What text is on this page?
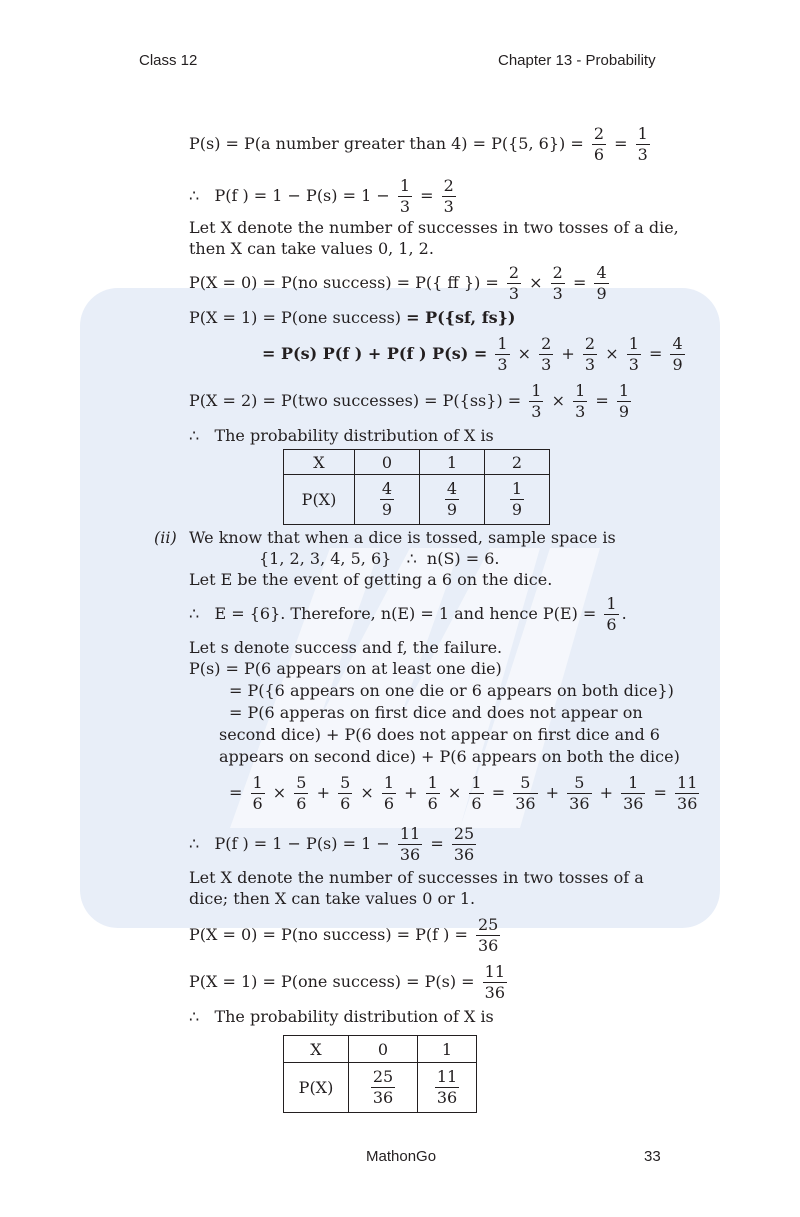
Class 12	Chapter 13 - Probability
P(s) = P(a number greater than 4) = P({5, $6\}) = \frac{2}{6} = \frac{1}{3}$
∴ P(f ) = $1 - P(s) = 1 - \frac{1}{3} = \frac{2}{3}$
Let X denote the number of successes in two tosses of a die,
then X can take values 0, 1, 2.
P(X = 0) = P(no success) = P({ ff }) = $\frac{2}{3} \times \frac{2}{3} = \frac{4}{9}$
P(X = 1) = P(one success) = P({sf, fs})
= P(s) P(f ) + P(f ) $P(s) = \frac{1}{3} \times \frac{2}{3} + \frac{2}{3} \times \frac{1}{3} = \frac{4}{9}$
P(X = 2) = P(two successes) = $P(\{ss\}) = \frac{1}{3} \times \frac{1}{3} = \frac{1}{9}$
∴ The probability distribution of X is
X	0	1	2
P(X)	$\frac{4}{9}$	$\frac{4}{9}$	$\frac{1}{9}$
(ii) We know that when a dice is tossed, sample space is
{1, 2, 3, 4, 5, 6} ∴ n(S) = 6.
Let E be the event of getting a 6 on the dice.
∴ E = {6}. Therefore, n(E) = 1 and hence $P(E) = \frac{1}{6}$ .
Let s denote success and f, the failure.
P(s) = P(6 appears on at least one die)
= P({6 appears on one die or 6 appears on both dice})
= P(6 apperas on first dice and does not appear on
second dice) + P(6 does not appear on first dice and 6
appears on second dice) + P(6 appears on both the dice)
= $\frac{1}{6} \times \frac{5}{6} + \frac{5}{6} \times \frac{1}{6} + \frac{1}{6} \times \frac{1}{6} = \frac{5}{36} + \frac{5}{36} + \frac{1}{36} = \frac{11}{36}$
∴ P(f ) = $1 - P(s) = 1 - \frac{11}{36} = \frac{25}{36}$
Let X denote the number of successes in two tosses of a
dice; then X can take values 0 or 1.
P(X = 0) = P(no success) = P(f ) = $\frac{25}{36}$
P(X = 1) = P(one success) = $P(s) = \frac{11}{36}$
∴ The probability distribution of X is
X	0	1
P(X)	$\frac{25}{36}$	$\frac{11}{36}$
MathonGo	33
